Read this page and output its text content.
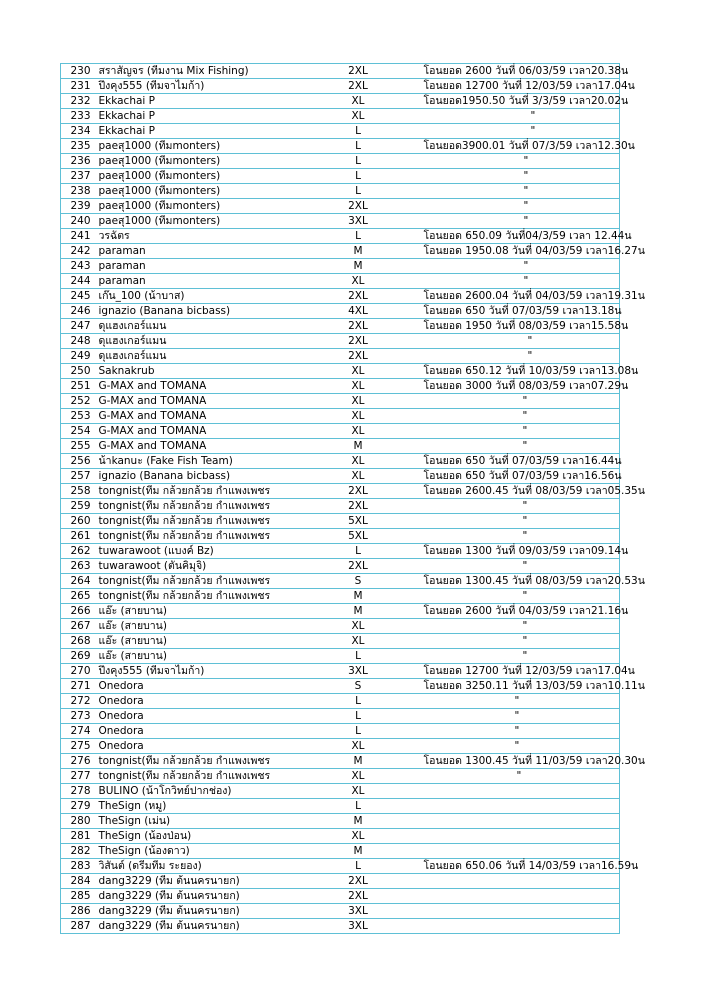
230	สราสัญจร (ทีมงาน Mix Fishing)	2XL	โอนยอด 2600 วันที่ 06/03/59 เวลา20.38น
231	ปึงคุง555 (ทีมจาไมก้า)	2XL	โอนยอด 12700 วันที่ 12/03/59 เวลา17.04น
232	Ekkachai P	XL	โอนยอด1950.50 วันที่ 3/3/59 เวลา20.02น
233	Ekkachai P	XL	"
234	Ekkachai P	L	"
235	paeสุ1000 (ทีมmonters)	L	โอนยอด3900.01 วันที่ 07/3/59 เวลา12.30น
236	paeสุ1000 (ทีมmonters)	L	"
237	paeสุ1000 (ทีมmonters)	L	"
238	paeสุ1000 (ทีมmonters)	L	"
239	paeสุ1000 (ทีมmonters)	2XL	"
240	paeสุ1000 (ทีมmonters)	3XL	"
241	วรฉัตร	L	โอนยอด 650.09 วันที่04/3/59 เวลา 12.44น
242	paraman	M	โอนยอด 1950.08 วันที่ 04/03/59 เวลา16.27น
243	paraman	M	"
244	paraman	XL	"
245	เก๊น_100 (น้าบาส)	2XL	โอนยอด 2600.04 วันที่ 04/03/59 เวลา19.31น
246	ignazio (Banana bicbass)	4XL	โอนยอด 650 วันที่ 07/03/59 เวลา13.18น
247	ดุแฮงเกอร์แมน	2XL	โอนยอด 1950 วันที่ 08/03/59 เวลา15.58น
248	ดุแฮงเกอร์แมน	2XL	"
249	ดุแฮงเกอร์แมน	2XL	"
250	Saknakrub	XL	โอนยอด 650.12 วันที่ 10/03/59 เวลา13.08น
251	G-MAX and TOMANA	XL	โอนยอด 3000 วันที่ 08/03/59 เวลา07.29น
252	G-MAX and TOMANA	XL	"
253	G-MAX and TOMANA	XL	"
254	G-MAX and TOMANA	XL	"
255	G-MAX and TOMANA	M	"
256	น้าkanuะ (Fake Fish Team)	XL	โอนยอด 650 วันที่ 07/03/59 เวลา16.44น
257	ignazio (Banana bicbass)	XL	โอนยอด 650 วันที่ 07/03/59 เวลา16.56น
258	tongnist(ทีม กล้วยกล้วย กำแพงเพชร	2XL	โอนยอด 2600.45 วันที่ 08/03/59 เวลา05.35น
259	tongnist(ทีม กล้วยกล้วย กำแพงเพชร	2XL	"
260	tongnist(ทีม กล้วยกล้วย กำแพงเพชร	5XL	"
261	tongnist(ทีม กล้วยกล้วย กำแพงเพชร	5XL	"
262	tuwarawoot (แบงค์ Bz)	L	โอนยอด 1300 วันที่ 09/03/59 เวลา09.14น
263	tuwarawoot (ตันคิมุจิ)	2XL	"
264	tongnist(ทีม กล้วยกล้วย กำแพงเพชร	S	โอนยอด 1300.45 วันที่ 08/03/59 เวลา20.53น
265	tongnist(ทีม กล้วยกล้วย กำแพงเพชร	M	"
266	แอ๊ะ (สายบาน)	M	โอนยอด 2600 วันที่ 04/03/59 เวลา21.16น
267	แอ๊ะ (สายบาน)	XL	"
268	แอ๊ะ (สายบาน)	XL	"
269	แอ๊ะ (สายบาน)	L	"
270	ปึงคุง555 (ทีมจาไมก้า)	3XL	โอนยอด 12700 วันที่ 12/03/59 เวลา17.04น
271	Onedora	S	โอนยอด 3250.11 วันที่ 13/03/59 เวลา10.11น
272	Onedora	L	"
273	Onedora	L	"
274	Onedora	L	"
275	Onedora	XL	"
276	tongnist(ทีม กล้วยกล้วย กำแพงเพชร	M	โอนยอด 1300.45 วันที่ 11/03/59 เวลา20.30น
277	tongnist(ทีม กล้วยกล้วย กำแพงเพชร	XL	"
278	BULINO (น้าโกวิทย์ปากช่อง)	XL	
279	TheSign (หมู)	L	
280	TheSign (เม่น)	M	
281	TheSign (น้องป่อน)	XL	
282	TheSign (น้องดาว)	M	
283	วิสันต์ (ดรีมทีม ระยอง)	L	โอนยอด 650.06 วันที่ 14/03/59 เวลา16.59น
284	dang3229 (ทีม ต้นนครนายก)	2XL	
285	dang3229 (ทีม ต้นนครนายก)	2XL	
286	dang3229 (ทีม ต้นนครนายก)	3XL	
287	dang3229 (ทีม ต้นนครนายก)	3XL	
